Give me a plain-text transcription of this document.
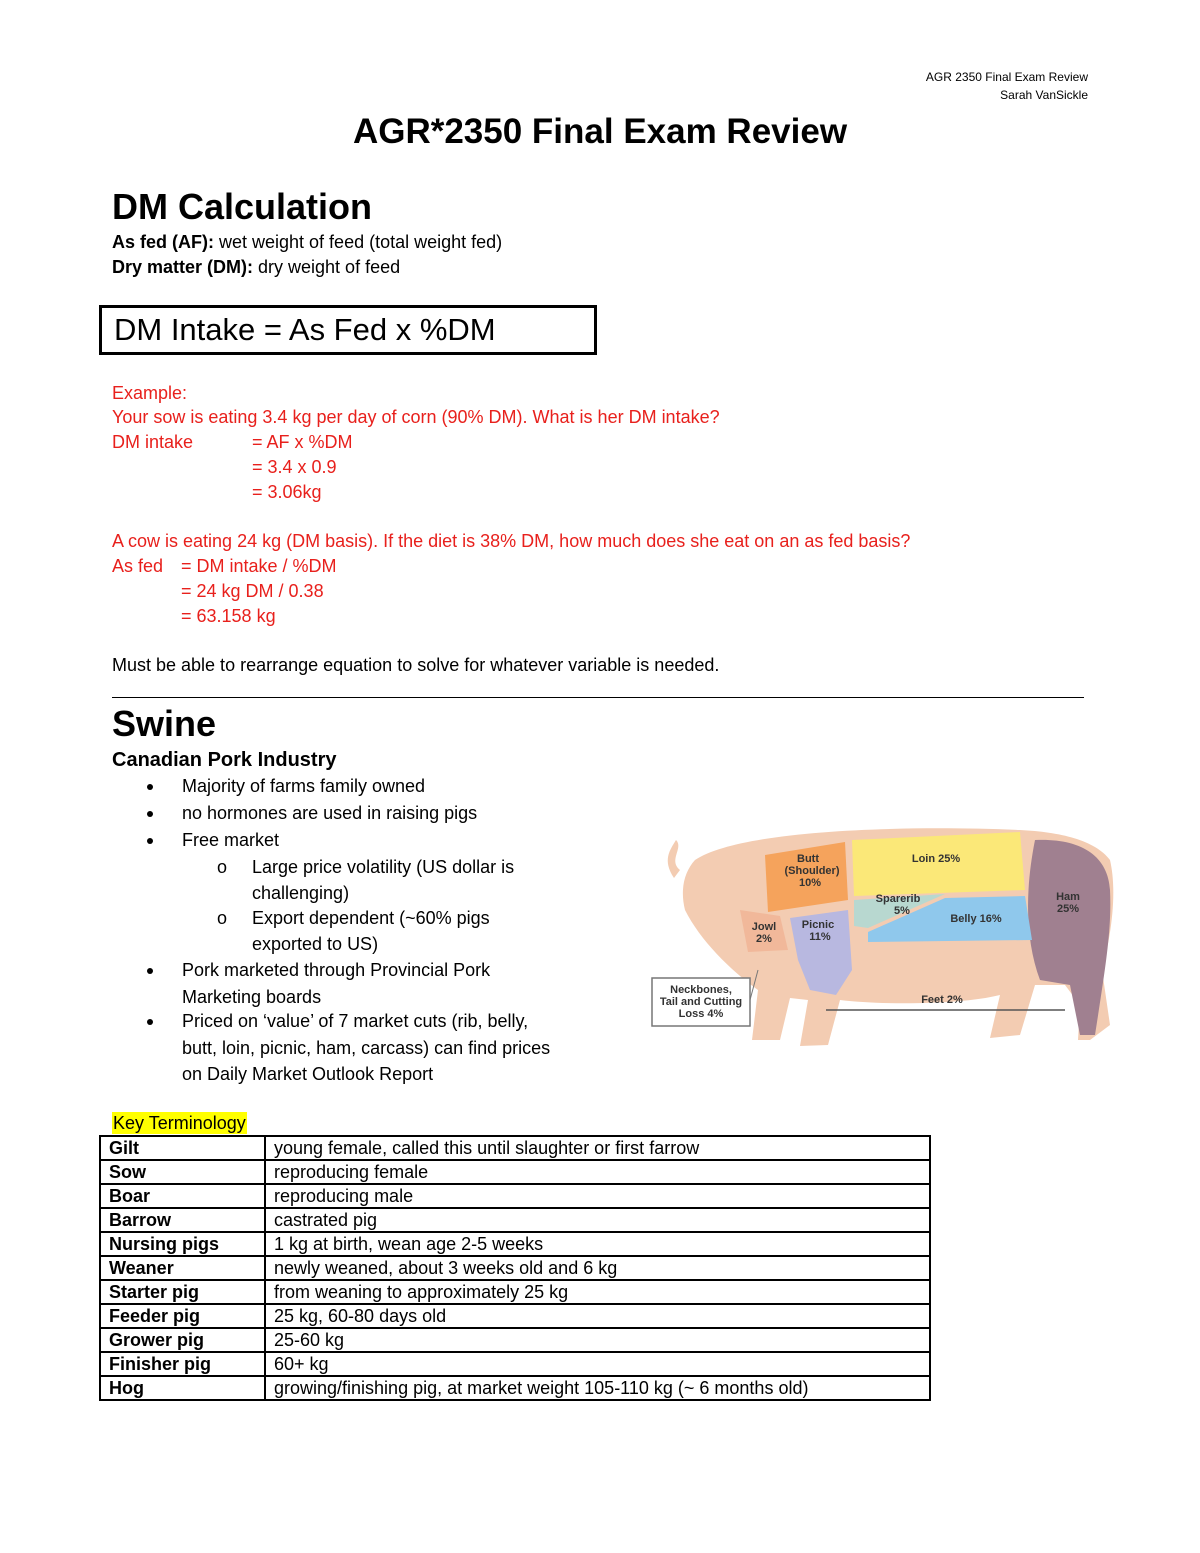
AGR 2350 Final Exam Review
Sarah VanSickle
AGR*2350 Final Exam Review
DM Calculation
As fed (AF): wet weight of feed (total weight fed)
Dry matter (DM): dry weight of feed
DM Intake = As Fed x %DM
Example:
Your sow is eating 3.4 kg per day of corn (90% DM). What is her DM intake?
DM intake	= AF x %DM
= 3.4 x 0.9
= 3.06kg
A cow is eating 24 kg (DM basis). If the diet is 38% DM, how much does she eat on an as fed basis?
As fed = DM intake / %DM
= 24 kg DM / 0.38
= 63.158 kg
Must be able to rearrange equation to solve for whatever variable is needed.
Swine
Canadian Pork Industry
Majority of farms family owned
no hormones are used in raising pigs
Free market
o Large price volatility (US dollar is
challenging)
o Export dependent (~60% pigs
exported to US)
Pork marketed through Provincial Pork
Marketing boards
Priced on ‘value’ of 7 market cuts (rib, belly,
butt, loin, picnic, ham, carcass) can find prices
on Daily Market Outlook Report
Butt
(Shoulder)
10%
Loin 25%
Ham
25%
Sparerib
5%
Belly 16%
Jowl
2%
Picnic
11%
Feet 2%
Neckbones,
Tail and Cutting
Loss 4%
Key Terminology
Gilt	young female, called this until slaughter or first farrow
Sow	reproducing female
Boar	reproducing male
Barrow	castrated pig
Nursing pigs	1 kg at birth, wean age 2-5 weeks
Weaner	newly weaned, about 3 weeks old and 6 kg
Starter pig	from weaning to approximately 25 kg
Feeder pig	25 kg, 60-80 days old
Grower pig	25-60 kg
Finisher pig	60+ kg
Hog	growing/finishing pig, at market weight 105-110 kg (~ 6 months old)
